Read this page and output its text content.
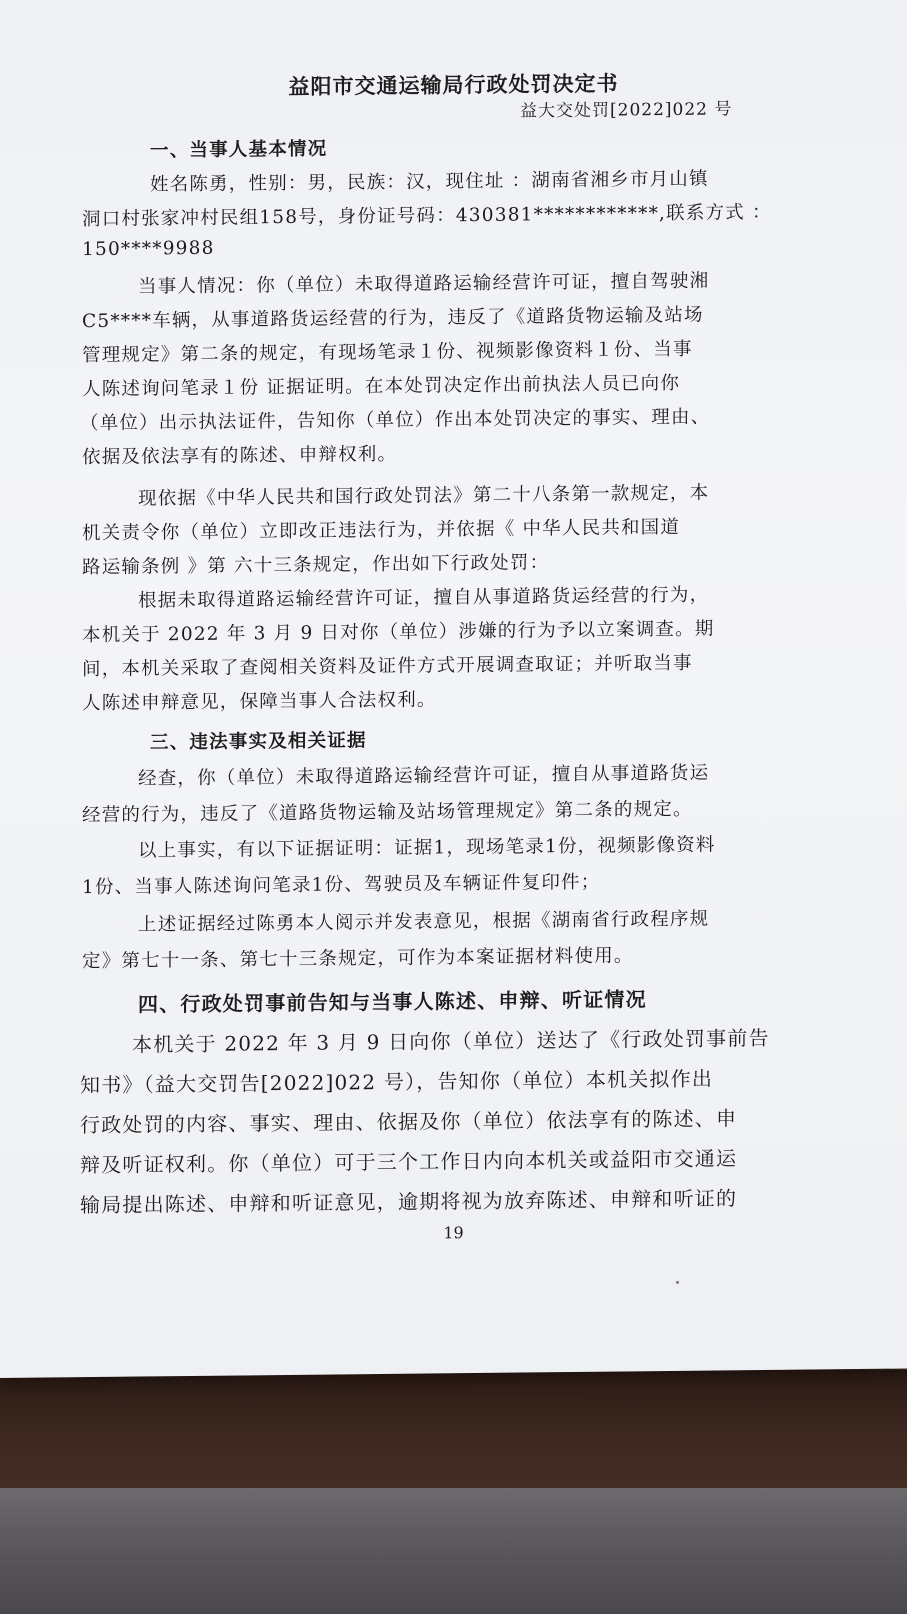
益阳市交通运输局行政处罚决定书
益大交处罚[2022]022 号
一、当事人基本情况
姓名陈勇，性别：男，民族：汉，现住址 ：湖南省湘乡市月山镇
洞口村张家冲村民组158号，身份证号码：430381************,联系方式 ：
150****9988
当事人情况：你（单位）未取得道路运输经营许可证，擅自驾驶湘
C5****车辆，从事道路货运经营的行为，违反了《道路货物运输及站场
管理规定》第二条的规定，有现场笔录１份、视频影像资料１份、当事
人陈述询问笔录１份 证据证明。在本处罚决定作出前执法人员已向你
（单位）出示执法证件，告知你（单位）作出本处罚决定的事实、理由、
依据及依法享有的陈述、申辩权利。
现依据《中华人民共和国行政处罚法》第二十八条第一款规定，本
机关责令你（单位）立即改正违法行为，并依据《 中华人民共和国道
路运输条例 》第 六十三条规定，作出如下行政处罚：
根据未取得道路运输经营许可证，擅自从事道路货运经营的行为，
本机关于 2022 年 3 月 9 日对你（单位）涉嫌的行为予以立案调查。期
间，本机关采取了查阅相关资料及证件方式开展调查取证；并听取当事
人陈述申辩意见，保障当事人合法权利。
三、违法事实及相关证据
经查，你（单位）未取得道路运输经营许可证，擅自从事道路货运
经营的行为，违反了《道路货物运输及站场管理规定》第二条的规定。
以上事实，有以下证据证明：证据1，现场笔录1份，视频影像资料
1份、当事人陈述询问笔录1份、驾驶员及车辆证件复印件；
上述证据经过陈勇本人阅示并发表意见，根据《湖南省行政程序规
定》第七十一条、第七十三条规定，可作为本案证据材料使用。
四、行政处罚事前告知与当事人陈述、申辩、听证情况
本机关于 2022 年 3 月 9 日向你（单位）送达了《行政处罚事前告
知书》（益大交罚告[2022]022 号），告知你（单位）本机关拟作出
行政处罚的内容、事实、理由、依据及你（单位）依法享有的陈述、申
辩及听证权利。你（单位）可于三个工作日内向本机关或益阳市交通运
输局提出陈述、申辩和听证意见，逾期将视为放弃陈述、申辩和听证的
19
